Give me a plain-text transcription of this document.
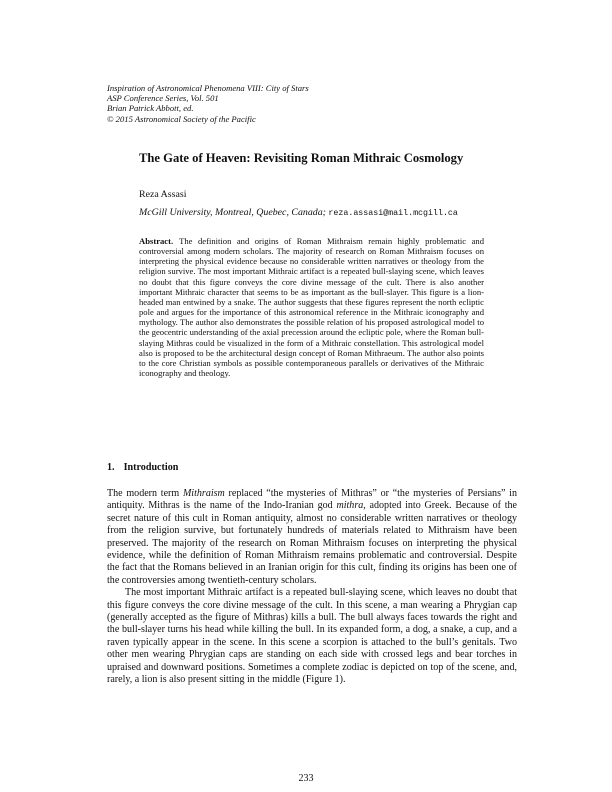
Inspiration of Astronomical Phenomena VIII: City of Stars
ASP Conference Series, Vol. 501
Brian Patrick Abbott, ed.
© 2015 Astronomical Society of the Pacific
The Gate of Heaven: Revisiting Roman Mithraic Cosmology
Reza Assasi
McGill University, Montreal, Quebec, Canada; reza.assasi@mail.mcgill.ca
Abstract. The definition and origins of Roman Mithraism remain highly problematic and controversial among modern scholars. The majority of research on Roman Mithraism focuses on interpreting the physical evidence because no considerable written narratives or theology from the religion survive. The most important Mithraic artifact is a repeated bull-slaying scene, which leaves no doubt that this figure conveys the core divine message of the cult. There is also another important Mithraic character that seems to be as important as the bull-slayer. This figure is a lion-headed man entwined by a snake. The author suggests that these figures represent the north ecliptic pole and argues for the importance of this astronomical reference in the Mithraic iconography and mythology. The author also demonstrates the possible relation of his proposed astrological model to the geocentric understanding of the axial precession around the ecliptic pole, where the Roman bull-slaying Mithras could be visualized in the form of a Mithraic constellation. This astrological model also is proposed to be the architectural design concept of Roman Mithraeum. The author also points to the core Christian symbols as possible contemporaneous parallels or derivatives of the Mithraic iconography and theology.
1. Introduction

The modern term Mithraism replaced “the mysteries of Mithras” or “the mysteries of Persians” in antiquity. Mithras is the name of the Indo-Iranian god mithra, adopted into Greek. Because of the secret nature of this cult in Roman antiquity, almost no considerable written narratives or theology from the religion survive, but fortunately hundreds of materials related to Mithraism have been preserved. The majority of the research on Roman Mithraism focuses on interpreting the physical evidence, while the definition of Roman Mithraism remains problematic and controversial. Despite the fact that the Romans believed in an Iranian origin for this cult, finding its origins has been one of the controversies among twentieth-century scholars.

The most important Mithraic artifact is a repeated bull-slaying scene, which leaves no doubt that this figure conveys the core divine message of the cult. In this scene, a man wearing a Phrygian cap (generally accepted as the figure of Mithras) kills a bull. The bull always faces towards the right and the bull-slayer turns his head while killing the bull. In its expanded form, a dog, a snake, a cup, and a raven typically appear in the scene. In this scene a scorpion is attached to the bull’s genitals. Two other men wearing Phrygian caps are standing on each side with crossed legs and bear torches in upraised and downward positions. Sometimes a complete zodiac is depicted on top of the scene, and, rarely, a lion is also present sitting in the middle (Figure 1).

233
